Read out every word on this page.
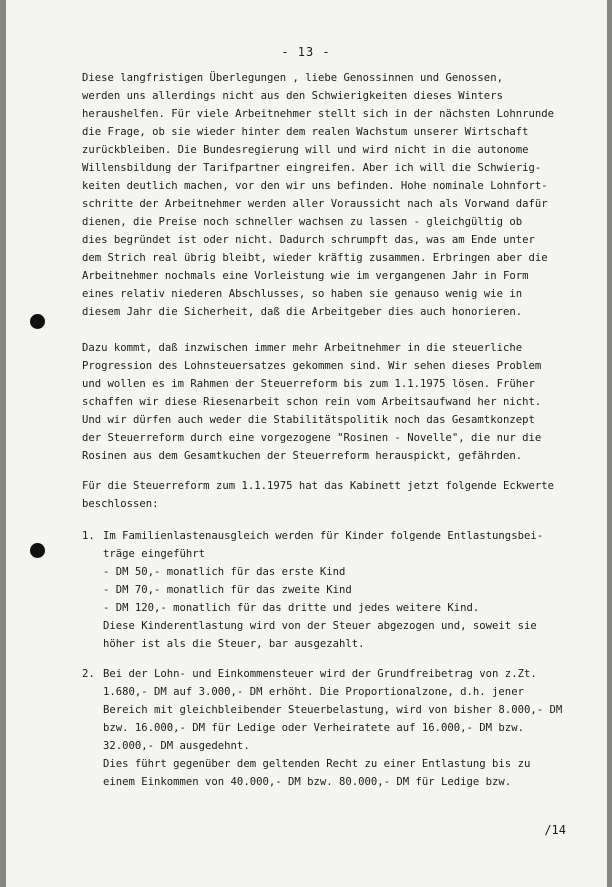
- 13 -
Diese langfristigen Überlegungen , liebe Genossinnen und Genossen,
werden uns allerdings nicht aus den Schwierigkeiten dieses Winters
heraushelfen. Für viele Arbeitnehmer stellt sich in der nächsten Lohnrunde
die Frage, ob sie wieder hinter dem realen Wachstum unserer Wirtschaft
zurückbleiben. Die Bundesregierung will und wird nicht in die autonome
Willensbildung der Tarifpartner eingreifen. Aber ich will die Schwierig-
keiten deutlich machen, vor den wir uns befinden. Hohe nominale Lohnfort-
schritte der Arbeitnehmer werden aller Voraussicht nach als Vorwand dafür
dienen, die Preise noch schneller wachsen zu lassen - gleichgültig ob
dies begründet ist oder nicht. Dadurch schrumpft das, was am Ende unter
dem Strich real übrig bleibt, wieder kräftig zusammen. Erbringen aber die
Arbeitnehmer nochmals eine Vorleistung wie im vergangenen Jahr in Form
eines relativ niederen Abschlusses, so haben sie genauso wenig wie in
diesem Jahr die Sicherheit, daß die Arbeitgeber dies auch honorieren.
Dazu kommt, daß inzwischen immer mehr Arbeitnehmer in die steuerliche
Progression des Lohnsteuersatzes gekommen sind. Wir sehen dieses Problem
und wollen es im Rahmen der Steuerreform bis zum 1.1.1975 lösen. Früher
schaffen wir diese Riesenarbeit schon rein vom Arbeitsaufwand her nicht.
Und wir dürfen auch weder die Stabilitätspolitik noch das Gesamtkonzept
der Steuerreform durch eine vorgezogene "Rosinen - Novelle", die nur die
Rosinen aus dem Gesamtkuchen der Steuerreform herauspickt, gefährden.
Für die Steuerreform zum 1.1.1975 hat das Kabinett jetzt folgende Eckwerte
beschlossen:
1. Im Familienlastenausgleich werden für Kinder folgende Entlastungsbei-
träge eingeführt
- DM 50,- monatlich für das erste Kind
- DM 70,- monatlich für das zweite Kind
- DM 120,- monatlich für das dritte und jedes weitere Kind.
Diese Kinderentlastung wird von der Steuer abgezogen und, soweit sie
höher ist als die Steuer, bar ausgezahlt.
2. Bei der Lohn- und Einkommensteuer wird der Grundfreibetrag von z.Zt.
1.680,- DM auf 3.000,- DM erhöht. Die Proportionalzone, d.h. jener
Bereich mit gleichbleibender Steuerbelastung, wird von bisher 8.000,- DM
bzw. 16.000,- DM für Ledige oder Verheiratete auf 16.000,- DM bzw.
32.000,- DM ausgedehnt.
Dies führt gegenüber dem geltenden Recht zu einer Entlastung bis zu
einem Einkommen von 40.000,- DM bzw. 80.000,- DM für Ledige bzw.
/14
